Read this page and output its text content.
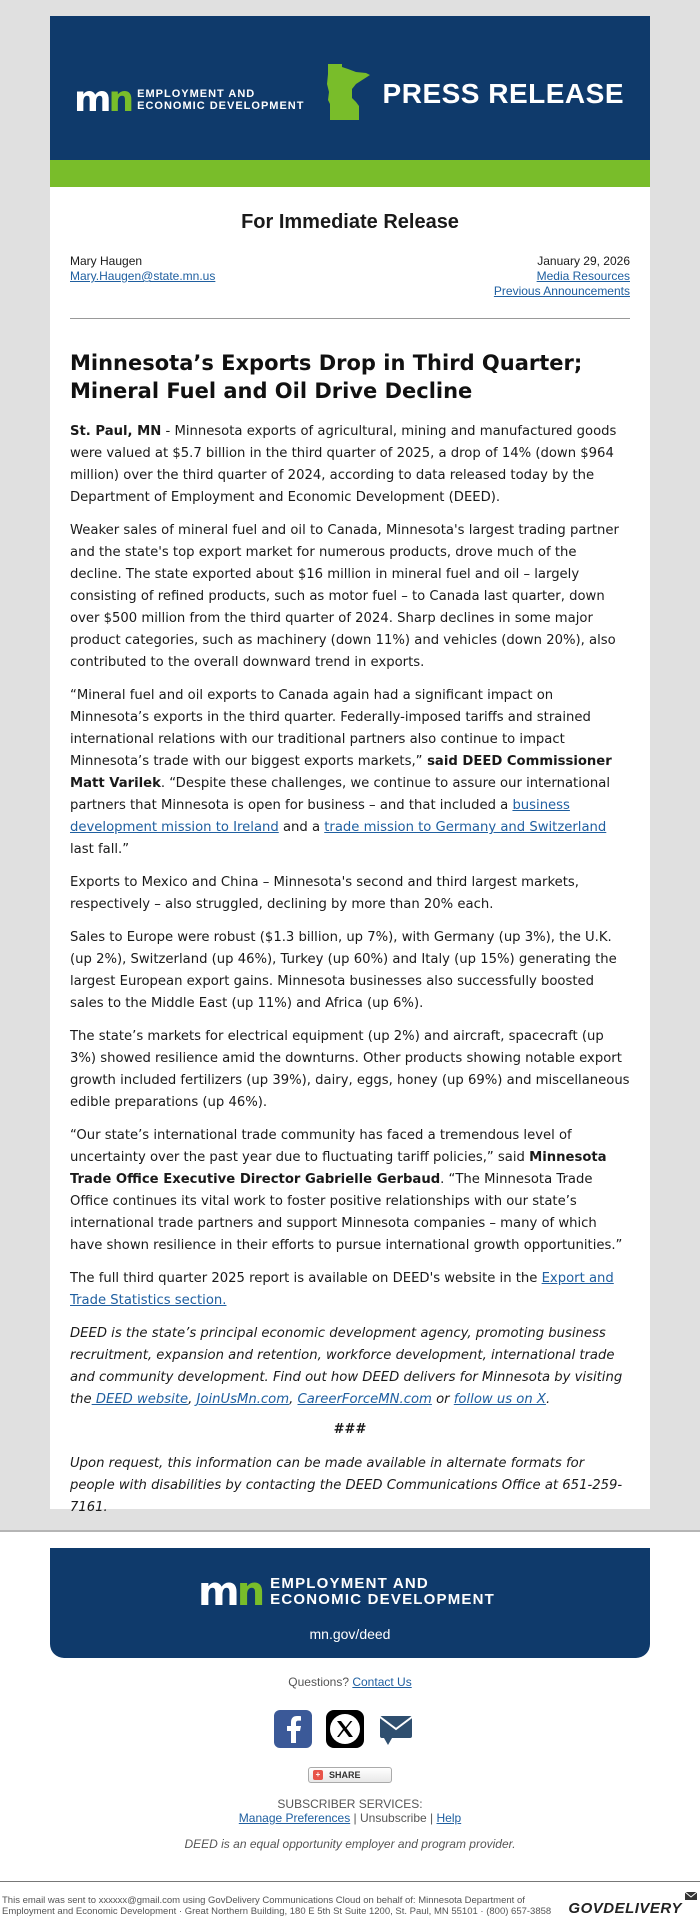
mn EMPLOYMENT AND
ECONOMIC DEVELOPMENT	PRESS RELEASE
For Immediate Release
Mary Haugen
Mary.Haugen@state.mn.us
January 29, 2026
Media Resources
Previous Announcements
Minnesota’s Exports Drop in Third Quarter; Mineral Fuel and Oil Drive Decline

St. Paul, MN - Minnesota exports of agricultural, mining and manufactured goods were valued at $5.7 billion in the third quarter of 2025, a drop of 14% (down $964 million) over the third quarter of 2024, according to data released today by the Department of Employment and Economic Development (DEED).

Weaker sales of mineral fuel and oil to Canada, Minnesota's largest trading partner and the state's top export market for numerous products, drove much of the decline. The state exported about $16 million in mineral fuel and oil – largely consisting of refined products, such as motor fuel – to Canada last quarter, down over $500 million from the third quarter of 2024. Sharp declines in some major product categories, such as machinery (down 11%) and vehicles (down 20%), also contributed to the overall downward trend in exports.

“Mineral fuel and oil exports to Canada again had a significant impact on Minnesota’s exports in the third quarter. Federally-imposed tariffs and strained international relations with our traditional partners also continue to impact Minnesota’s trade with our biggest exports markets,” said DEED Commissioner Matt Varilek. “Despite these challenges, we continue to assure our international partners that Minnesota is open for business – and that included a business development mission to Ireland and a trade mission to Germany and Switzerland last fall.”

Exports to Mexico and China – Minnesota's second and third largest markets, respectively – also struggled, declining by more than 20% each.

Sales to Europe were robust ($1.3 billion, up 7%), with Germany (up 3%), the U.K. (up 2%), Switzerland (up 46%), Turkey (up 60%) and Italy (up 15%) generating the largest European export gains. Minnesota businesses also successfully boosted sales to the Middle East (up 11%) and Africa (up 6%).

The state’s markets for electrical equipment (up 2%) and aircraft, spacecraft (up 3%) showed resilience amid the downturns. Other products showing notable export growth included fertilizers (up 39%), dairy, eggs, honey (up 69%) and miscellaneous edible preparations (up 46%).

“Our state’s international trade community has faced a tremendous level of uncertainty over the past year due to fluctuating tariff policies,” said Minnesota Trade Office Executive Director Gabrielle Gerbaud. “The Minnesota Trade Office continues its vital work to foster positive relationships with our state’s international trade partners and support Minnesota companies – many of which have shown resilience in their efforts to pursue international growth opportunities.”

The full third quarter 2025 report is available on DEED's website in the Export and Trade Statistics section.

DEED is the state’s principal economic development agency, promoting business recruitment, expansion and retention, workforce development, international trade and community development. Find out how DEED delivers for Minnesota by visiting the DEED website, JoinUsMn.com, CareerForceMN.com or follow us on X.

###

Upon request, this information can be made available in alternate formats for people with disabilities by contacting the DEED Communications Office at 651-259-7161.

mn EMPLOYMENT AND
ECONOMIC DEVELOPMENT
mn.gov/deed
Questions? Contact Us
+ SHARE
SUBSCRIBER SERVICES:
Manage Preferences | Unsubscribe | Help
DEED is an equal opportunity employer and program provider.
This email was sent to xxxxxx@gmail.com using GovDelivery Communications Cloud on behalf of: Minnesota Department of Employment and Economic Development · Great Northern Building, 180 E 5th St Suite 1200, St. Paul, MN 55101 · (800) 657-3858	GOVDELIVERY
